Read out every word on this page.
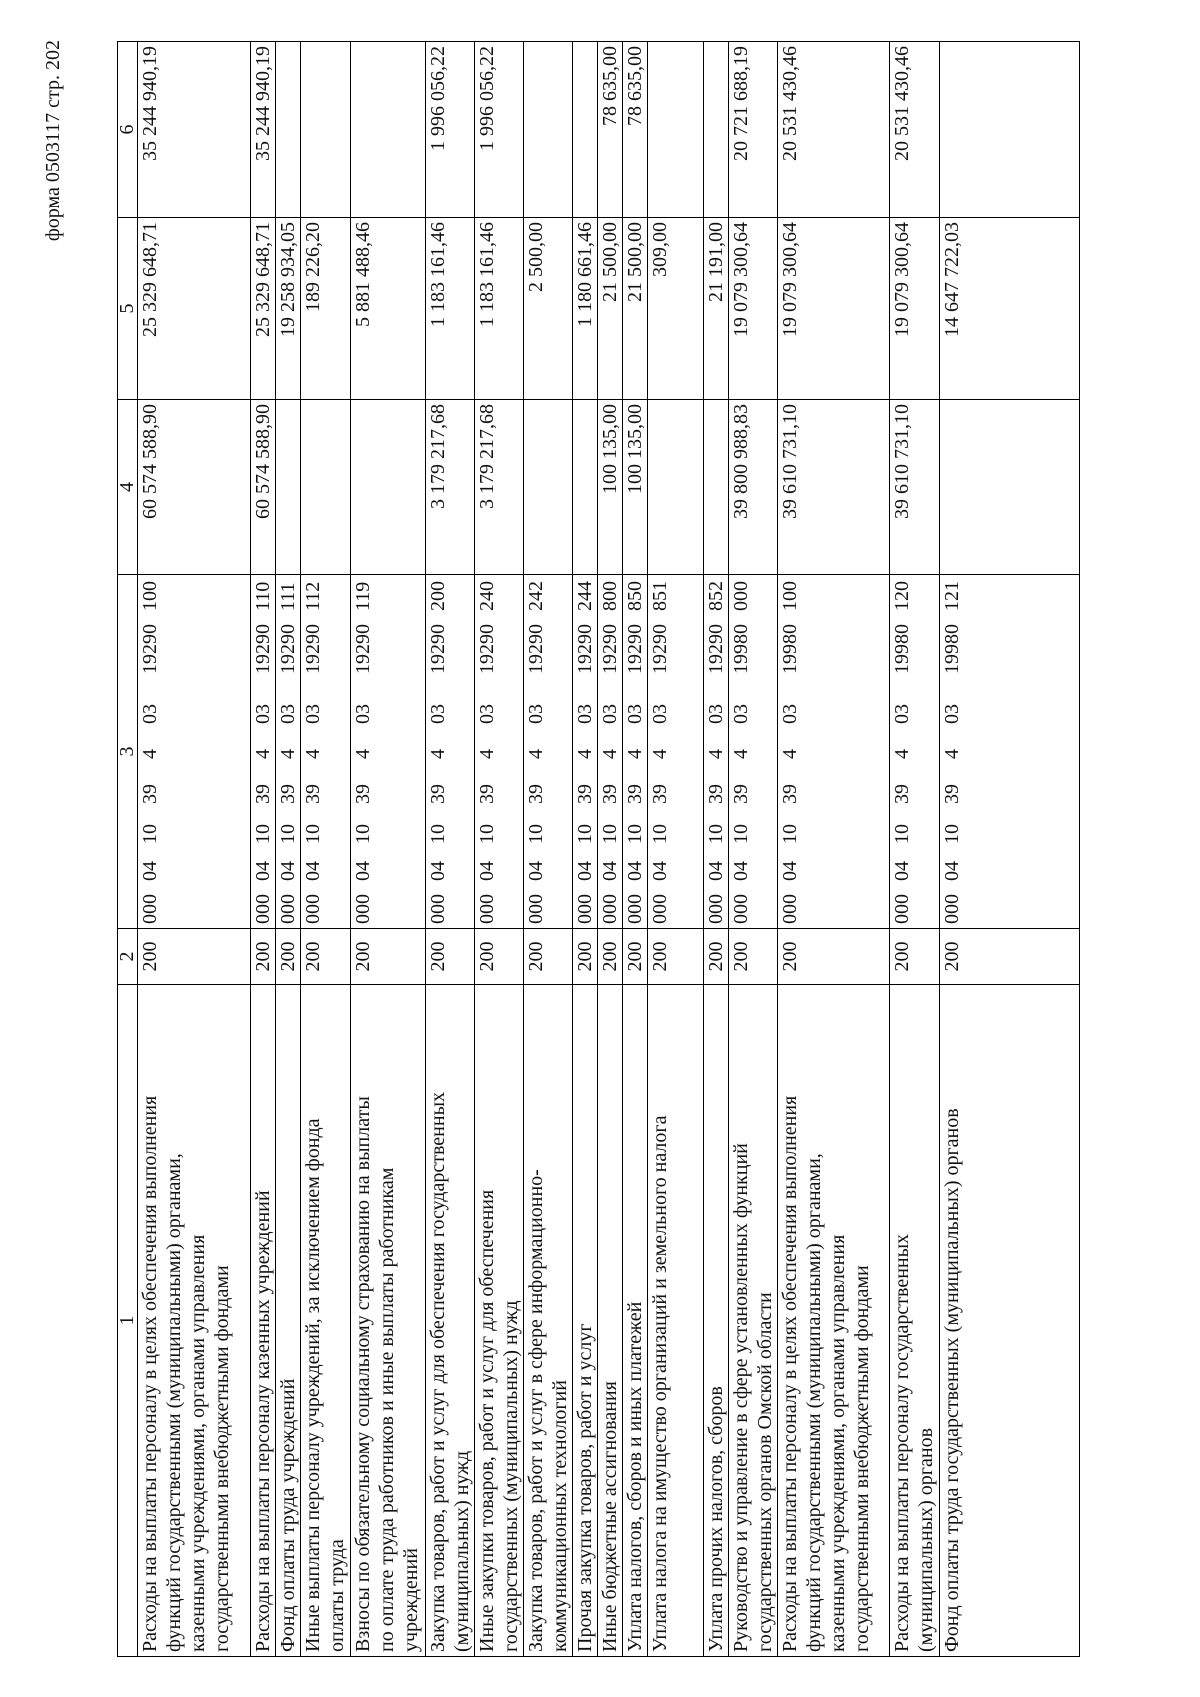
форма 0503117 стр. 202
1	2	3	4	5	6
Расходы на выплаты персоналу в целях обеспечения выполнения
функций государственными (муниципальными) органами,
казенными учреждениями, органами управления
государственными внебюджетными фондами	200	00004103940319290100	60 574 588,90	25 329 648,71	35 244 940,19
Расходы на выплаты персоналу казенных учреждений	200	00004103940319290110	60 574 588,90	25 329 648,71	35 244 940,19
Фонд оплаты труда учреждений	200	00004103940319290111		19 258 934,05	
Иные выплаты персоналу учреждений, за исключением фонда
оплаты труда	200	00004103940319290112		189 226,20	
Взносы по обязательному социальному страхованию на выплаты
по оплате труда работников и иные выплаты работникам
учреждений	200	00004103940319290119		5 881 488,46	
Закупка товаров, работ и услуг для обеспечения государственных
(муниципальных) нужд	200	00004103940319290200	3 179 217,68	1 183 161,46	1 996 056,22
Иные закупки товаров, работ и услуг для обеспечения
государственных (муниципальных) нужд	200	00004103940319290240	3 179 217,68	1 183 161,46	1 996 056,22
Закупка товаров, работ и услуг в сфере информационно-
коммуникационных технологий	200	00004103940319290242		2 500,00	
Прочая закупка товаров, работ и услуг	200	00004103940319290244		1 180 661,46	
Иные бюджетные ассигнования	200	00004103940319290800	100 135,00	21 500,00	78 635,00
Уплата налогов, сборов и иных платежей	200	00004103940319290850	100 135,00	21 500,00	78 635,00
Уплата налога на имущество организаций и земельного налога	200	00004103940319290851		309,00	
Уплата прочих налогов, сборов	200	00004103940319290852		21 191,00	
Руководство и управление в сфере установленных функций
государственных органов Омской области	200	00004103940319980000	39 800 988,83	19 079 300,64	20 721 688,19
Расходы на выплаты персоналу в целях обеспечения выполнения
функций государственными (муниципальными) органами,
казенными учреждениями, органами управления
государственными внебюджетными фондами	200	00004103940319980100	39 610 731,10	19 079 300,64	20 531 430,46
Расходы на выплаты персоналу государственных
(муниципальных) органов	200	00004103940319980120	39 610 731,10	19 079 300,64	20 531 430,46
Фонд оплаты труда государственных (муниципальных) органов	200	00004103940319980121		14 647 722,03	
